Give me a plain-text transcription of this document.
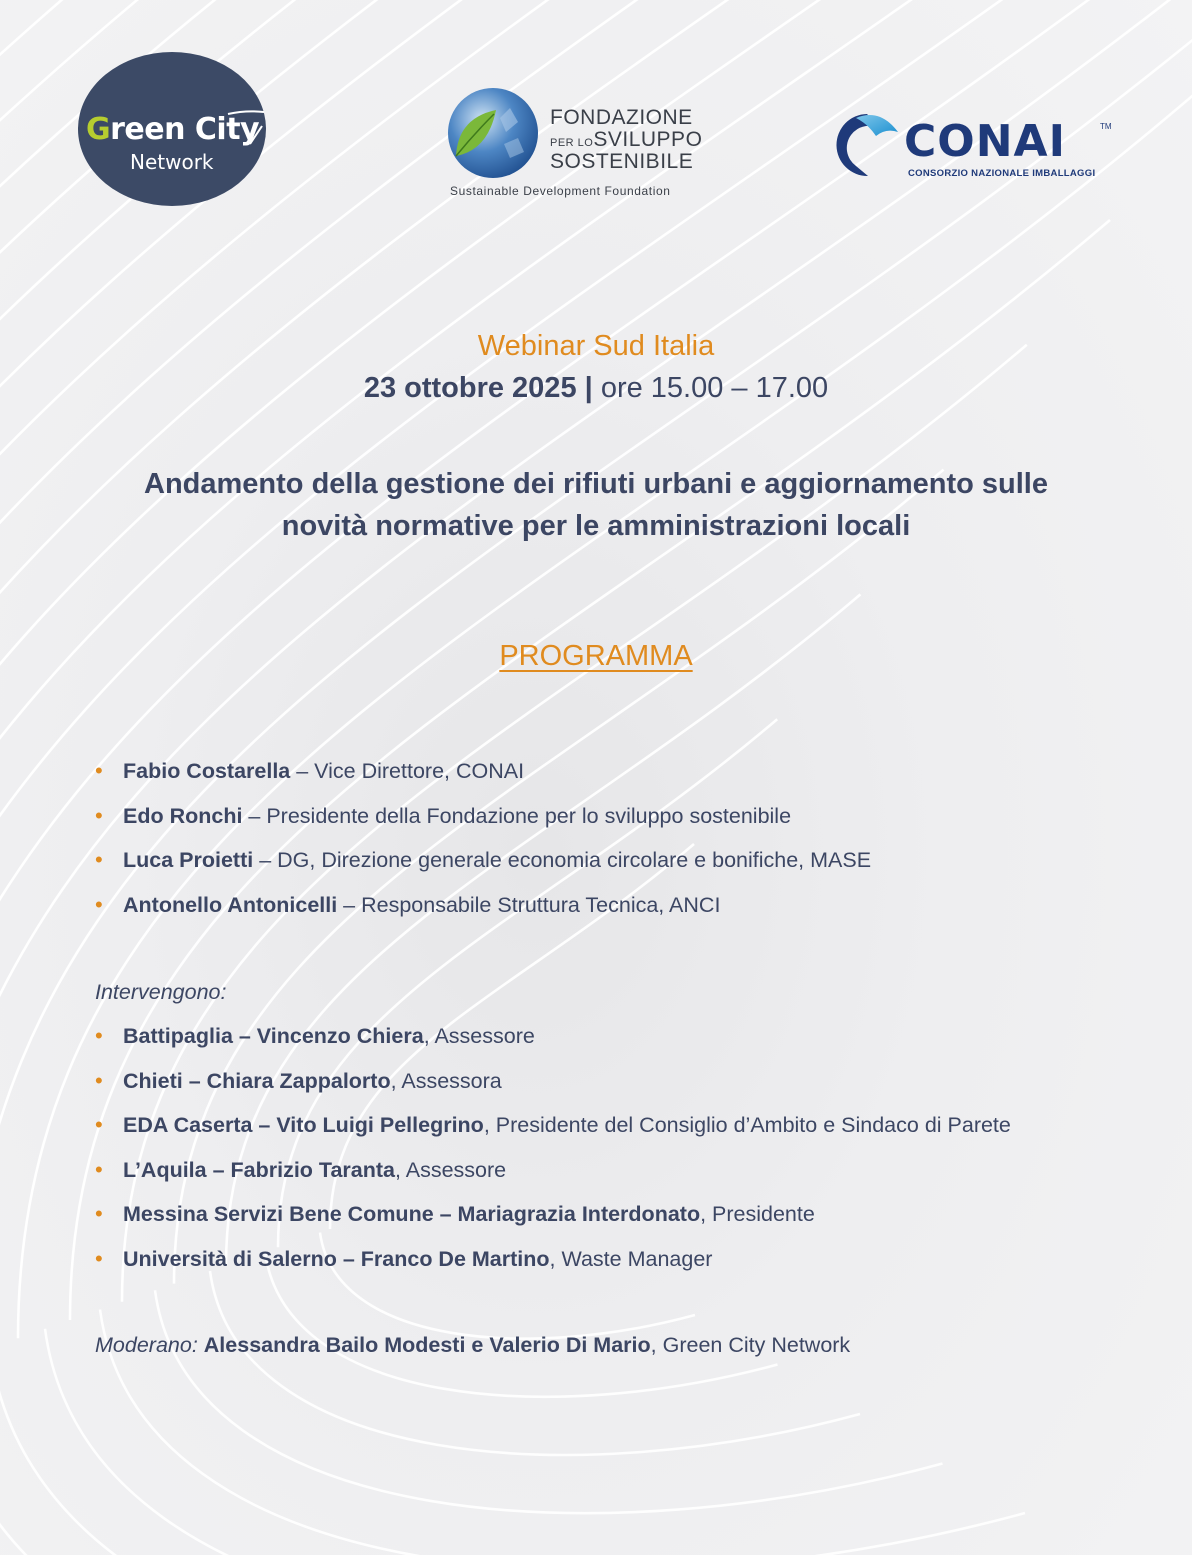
Green City
Network
FONDAZIONE
PER LOSVILUPPO
SOSTENIBILE
Sustainable Development Foundation
CONAI	TM
CONSORZIO NAZIONALE IMBALLAGGI
Webinar Sud Italia
23 ottobre 2025 | ore 15.00 – 17.00
Andamento della gestione dei rifiuti urbani e aggiornamento sulle
novità normative per le amministrazioni locali
PROGRAMMA
• Fabio Costarella – Vice Direttore, CONAI
• Edo Ronchi – Presidente della Fondazione per lo sviluppo sostenibile
• Luca Proietti – DG, Direzione generale economia circolare e bonifiche, MASE
• Antonello Antonicelli – Responsabile Struttura Tecnica, ANCI
Intervengono:
• Battipaglia – Vincenzo Chiera, Assessore
• Chieti – Chiara Zappalorto, Assessora
• EDA Caserta – Vito Luigi Pellegrino, Presidente del Consiglio d’Ambito e Sindaco di Parete
• L’Aquila – Fabrizio Taranta, Assessore
• Messina Servizi Bene Comune – Mariagrazia Interdonato, Presidente
• Università di Salerno – Franco De Martino, Waste Manager
Moderano: Alessandra Bailo Modesti e Valerio Di Mario, Green City Network
